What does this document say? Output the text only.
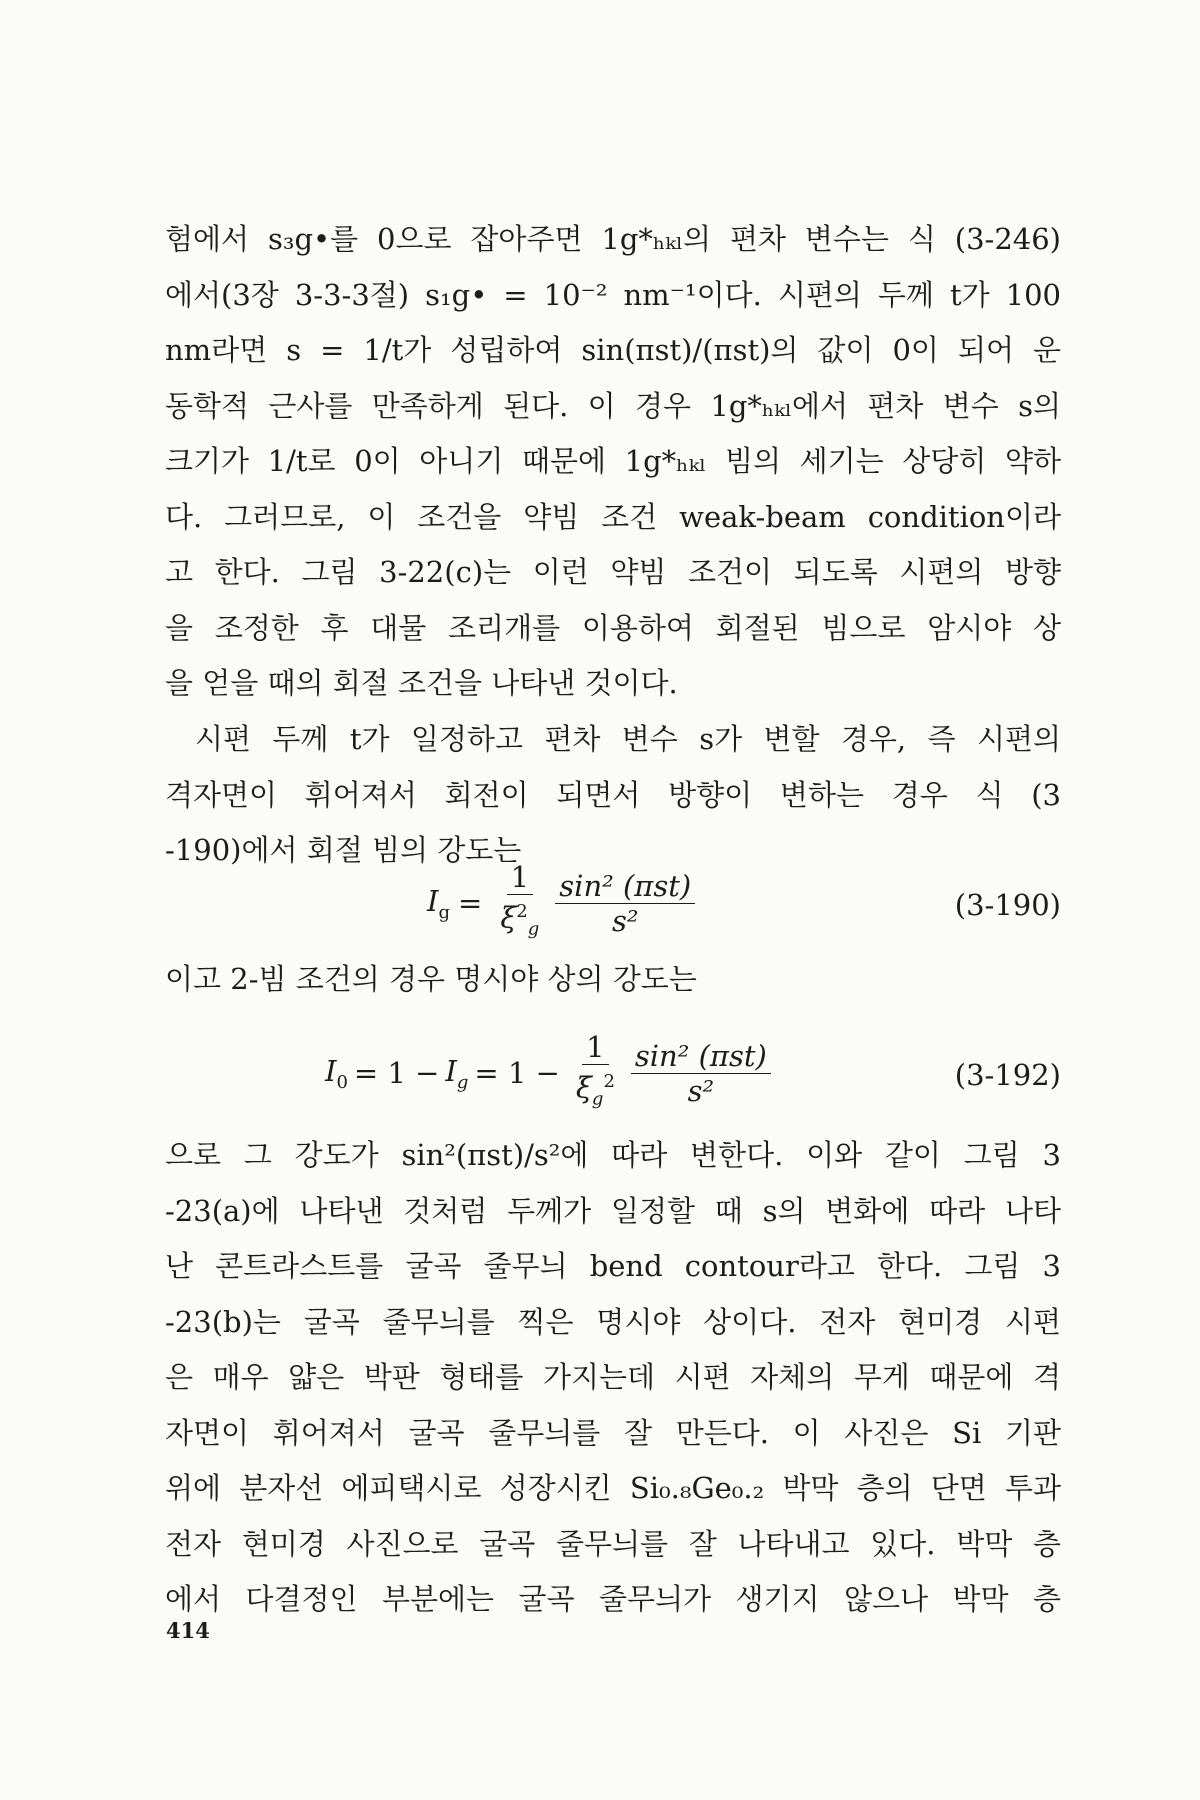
험에서 s₃g•를 0으로 잡아주면 1g*ₕₖₗ의 편차 변수는 식 (3-246)
에서(3장 3-3-3절) s₁g• = 10⁻² nm⁻¹이다. 시편의 두께 t가 100
nm라면 s = 1/t가 성립하여 sin(πst)/(πst)의 값이 0이 되어 운
동학적 근사를 만족하게 된다. 이 경우 1g*ₕₖₗ에서 편차 변수 s의
크기가 1/t로 0이 아니기 때문에 1g*ₕₖₗ 빔의 세기는 상당히 약하
다. 그러므로, 이 조건을 약빔 조건 weak-beam condition이라
고 한다. 그림 3-22(c)는 이런 약빔 조건이 되도록 시편의 방향
을 조정한 후 대물 조리개를 이용하여 회절된 빔으로 암시야 상
을 얻을 때의 회절 조건을 나타낸 것이다.
시편 두께 t가 일정하고 편차 변수 s가 변할 경우, 즉 시편의
격자면이 휘어져서 회전이 되면서 방향이 변하는 경우 식 (3
-190)에서 회절 빔의 강도는
$I_g = \frac{1}{\xi^2_g} \frac{\text{sin² (πst)}}{\text{s²}}$	(3-190)
이고 2-빔 조건의 경우 명시야 상의 강도는
$I_0 = 1 - I_g = 1 - \frac{1}{\xi_g^2} \frac{\text{sin² (πst)}}{\text{s²}}$	(3-192)
으로 그 강도가 sin²(πst)/s²에 따라 변한다. 이와 같이 그림 3
-23(a)에 나타낸 것처럼 두께가 일정할 때 s의 변화에 따라 나타
난 콘트라스트를 굴곡 줄무늬 bend contour라고 한다. 그림 3
-23(b)는 굴곡 줄무늬를 찍은 명시야 상이다. 전자 현미경 시편
은 매우 얇은 박판 형태를 가지는데 시편 자체의 무게 때문에 격
자면이 휘어져서 굴곡 줄무늬를 잘 만든다. 이 사진은 Si 기판
위에 분자선 에피택시로 성장시킨 Si₀.₈Ge₀.₂ 박막 층의 단면 투과
전자 현미경 사진으로 굴곡 줄무늬를 잘 나타내고 있다. 박막 층
에서 다결정인 부분에는 굴곡 줄무늬가 생기지 않으나 박막 층
414
